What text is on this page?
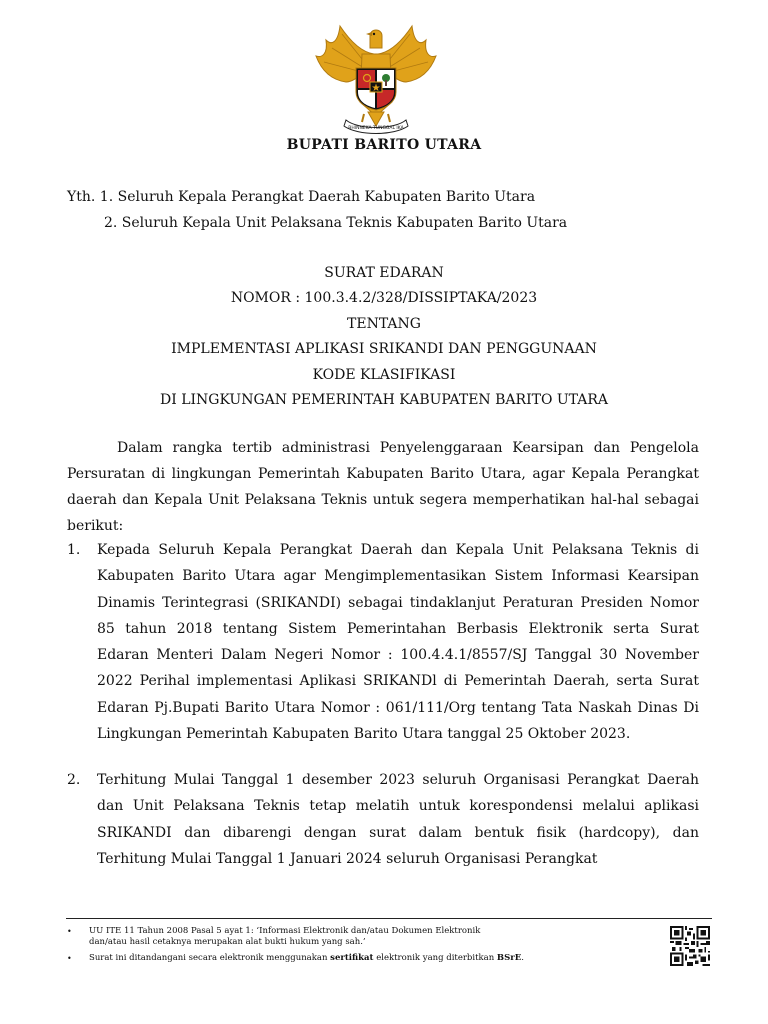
BHINNEKA TUNGGAL IKA
BUPATI BARITO UTARA
Yth. 1. Seluruh Kepala Perangkat Daerah Kabupaten Barito Utara
2. Seluruh Kepala Unit Pelaksana Teknis Kabupaten Barito Utara
SURAT EDARAN
NOMOR : 100.3.4.2/328/DISSIPTAKA/2023
TENTANG
IMPLEMENTASI APLIKASI SRIKANDI DAN PENGGUNAAN
KODE KLASIFIKASI
DI LINGKUNGAN PEMERINTAH KABUPATEN BARITO UTARA
Dalam rangka tertib administrasi Penyelenggaraan Kearsipan dan Pengelola Persuratan di lingkungan Pemerintah Kabupaten Barito Utara, agar Kepala Perangkat daerah dan Kepala Unit Pelaksana Teknis untuk segera memperhatikan hal-hal sebagai berikut:
1.	Kepada Seluruh Kepala Perangkat Daerah dan Kepala Unit Pelaksana Teknis di Kabupaten Barito Utara agar Mengimplementasikan Sistem Informasi Kearsipan Dinamis Terintegrasi (SRIKANDI) sebagai tindaklanjut Peraturan Presiden Nomor 85 tahun 2018 tentang Sistem Pemerintahan Berbasis Elektronik serta Surat Edaran Menteri Dalam Negeri Nomor : 100.4.4.1/8557/SJ Tanggal 30 November 2022 Perihal implementasi Aplikasi SRIKANDl di Pemerintah Daerah, serta Surat Edaran Pj.Bupati Barito Utara Nomor : 061/111/Org tentang Tata Naskah Dinas Di Lingkungan Pemerintah Kabupaten Barito Utara tanggal 25 Oktober 2023.
2.	Terhitung Mulai Tanggal 1 desember 2023 seluruh Organisasi Perangkat Daerah dan Unit Pelaksana Teknis tetap melatih untuk korespondensi melalui aplikasi SRIKANDI dan dibarengi dengan surat dalam bentuk fisik (hardcopy), dan Terhitung Mulai Tanggal 1 Januari 2024 seluruh Organisasi Perangkat
• UU ITE 11 Tahun 2008 Pasal 5 ayat 1: ‘Informasi Elektronik dan/atau Dokumen Elektronik
dan/atau hasil cetaknya merupakan alat bukti hukum yang sah.’
• Surat ini ditandangani secara elektronik menggunakan sertifikat elektronik yang diterbitkan BSrE.
